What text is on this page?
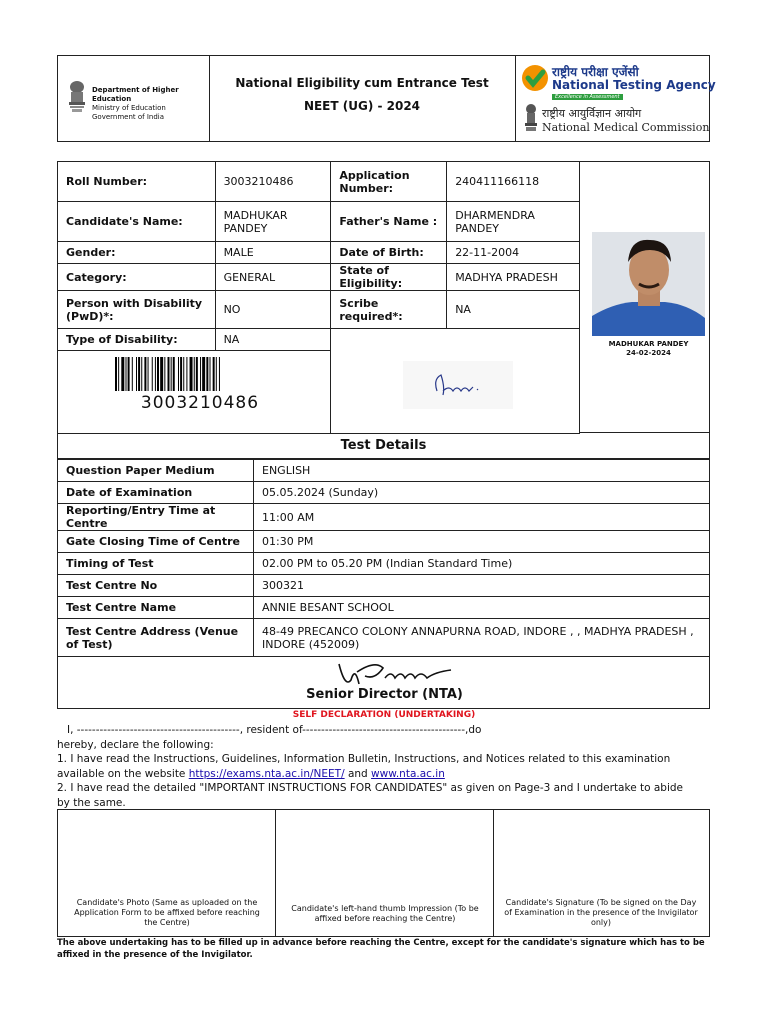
Department of Higher Education
Ministry of Education
Government of India
National Eligibility cum Entrance Test
NEET (UG) - 2024
राष्ट्रीय परीक्षा एजेंसी
National Testing Agency
Excellence in Assessment
राष्ट्रीय आयुर्विज्ञान आयोग
National Medical Commission
Roll Number:	3003210486	Application Number:	240411166118
Candidate's Name:	MADHUKAR PANDEY	Father's Name :	DHARMENDRA PANDEY
Gender:	MALE	Date of Birth:	22-11-2004
Category:	GENERAL	State of Eligibility:	MADHYA PRADESH
Person with Disability (PwD)*:	NO	Scribe required*:	NA
Type of Disability:	NA			MADHUKAR PANDEY
24-02-2024
3003210486
Test Details
Question Paper Medium	ENGLISH
Date of Examination	05.05.2024 (Sunday)
Reporting/Entry Time at Centre	11:00 AM
Gate Closing Time of Centre	01:30 PM
Timing of Test	02.00 PM to 05.20 PM (Indian Standard Time)
Test Centre No	300321
Test Centre Name	ANNIE BESANT SCHOOL
Test Centre Address (Venue of Test)	48-49 PRECANCO COLONY ANNAPURNA ROAD, INDORE , , MADHYA PRADESH , INDORE (452009)
Senior Director (NTA)
SELF DECLARATION (UNDERTAKING)
I, -------------------------------------------, resident of-------------------------------------------,do
hereby, declare the following:
1. I have read the Instructions, Guidelines, Information Bulletin, Instructions, and Notices related to this examination
available on the website https://exams.nta.ac.in/NEET/ and www.nta.ac.in
2. I have read the detailed "IMPORTANT INSTRUCTIONS FOR CANDIDATES" as given on Page-3 and I undertake to abide
by the same.
Candidate's Photo (Same as uploaded on the Application Form to be affixed before reaching the Centre)
Candidate's left-hand thumb Impression (To be affixed before reaching the Centre)
Candidate's Signature (To be signed on the Day of Examination in the presence of the Invigilator only)
The above undertaking has to be filled up in advance before reaching the Centre, except for the candidate's signature which has to be affixed in the presence of the Invigilator.
